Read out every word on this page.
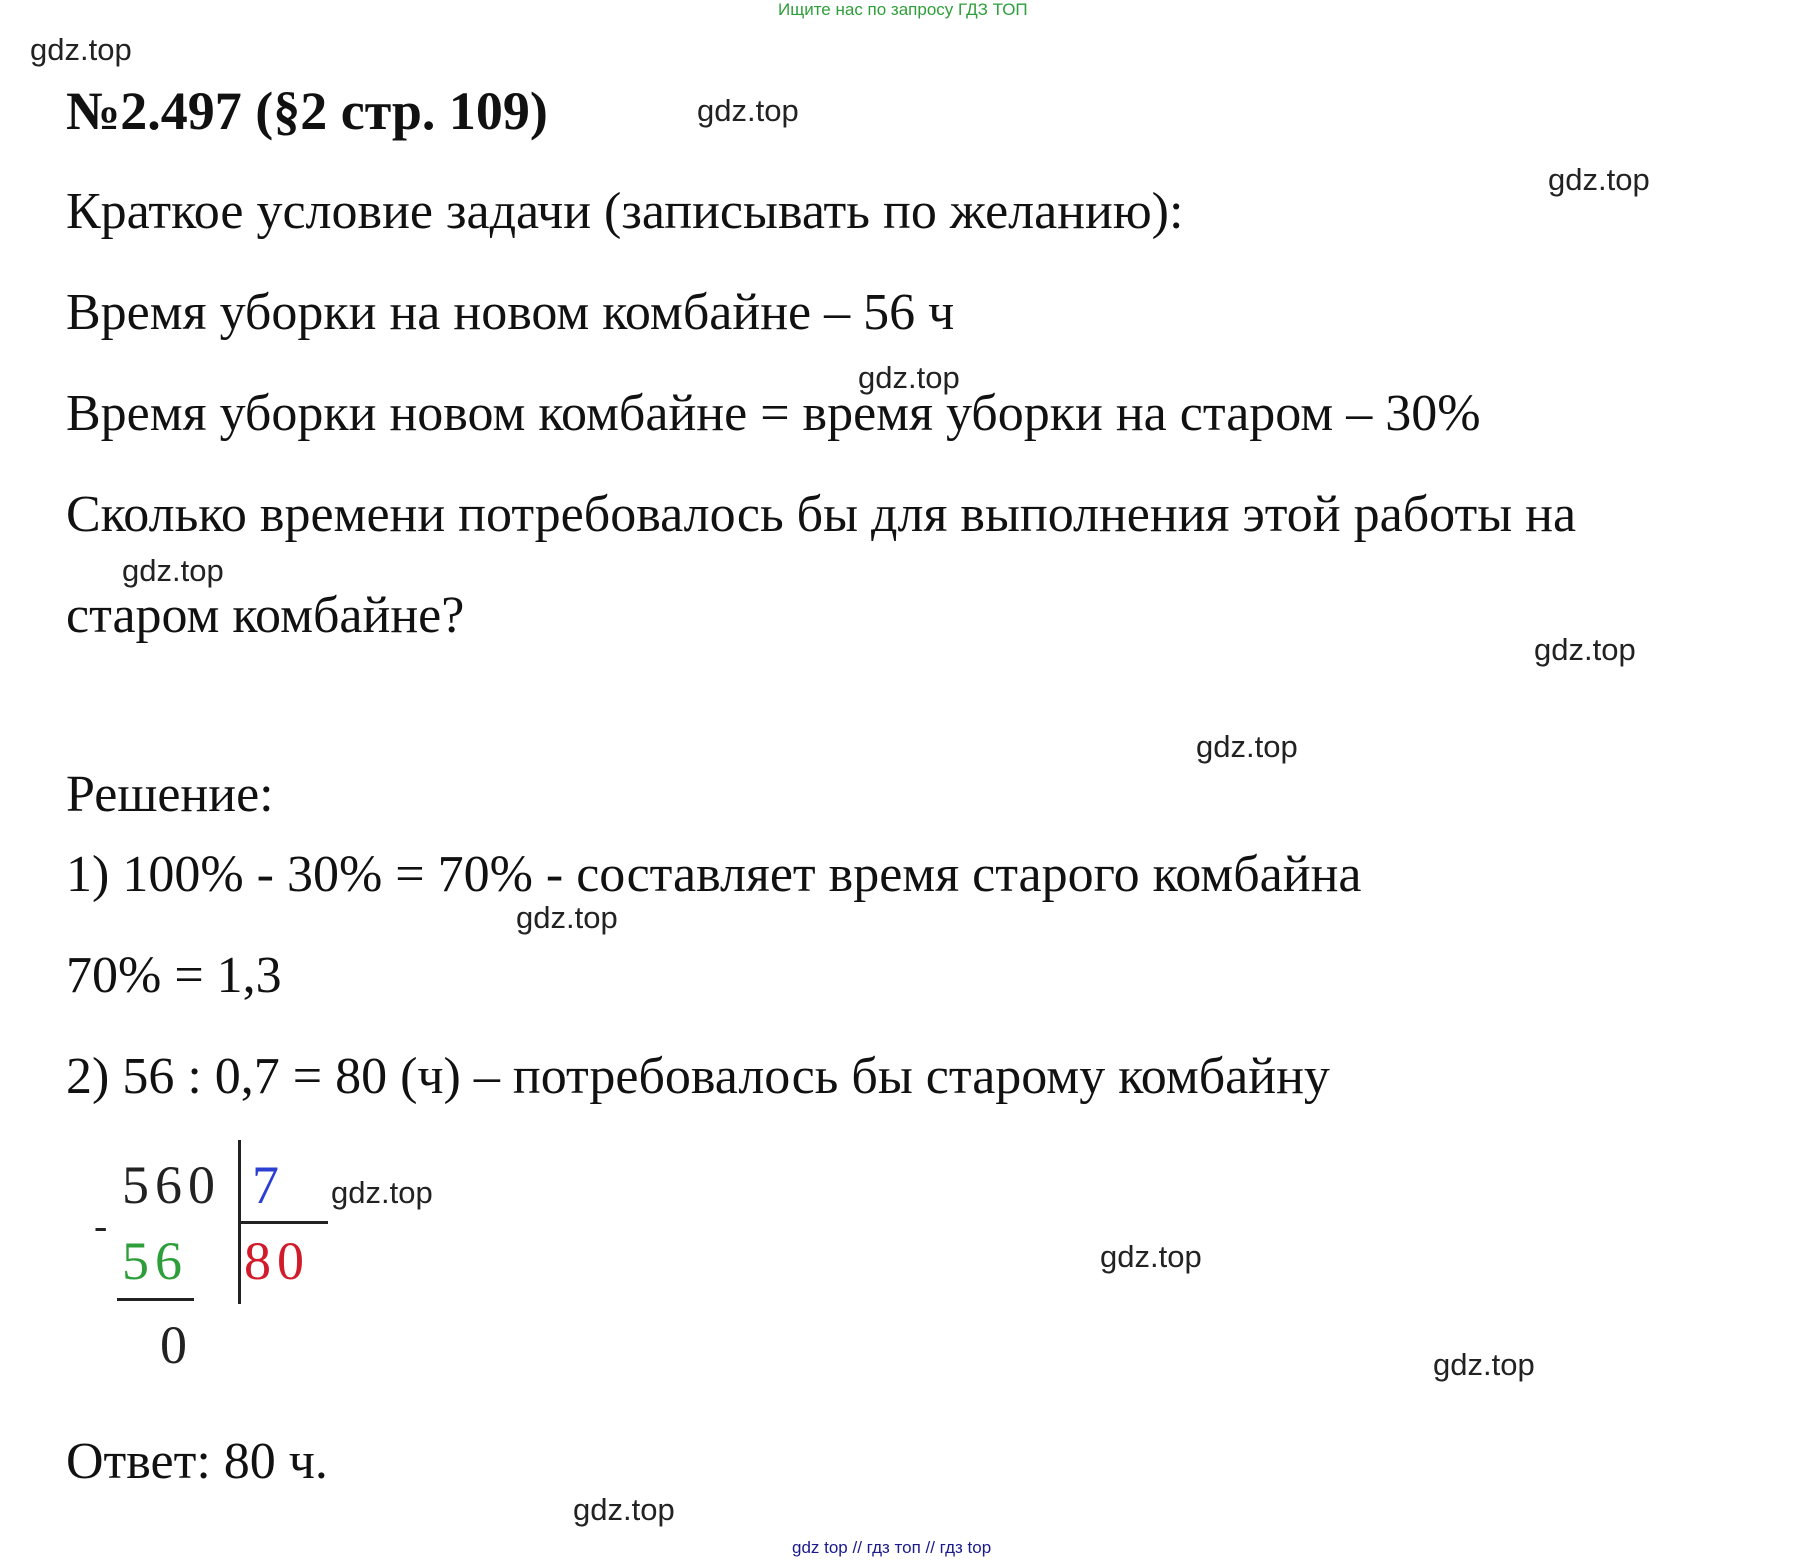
Ищите нас по запросу ГДЗ ТОП
gdz.top
gdz.top
gdz.top
gdz.top
gdz.top
gdz.top
gdz.top
gdz.top
gdz.top
gdz.top
gdz.top
gdz.top
№2.497 (§2 стр. 109)
Краткое условие задачи (записывать по желанию):
Время уборки на новом комбайне – 56 ч
Время уборки новом комбайне = время уборки на старом – 30%
Сколько времени потребовалось бы для выполнения этой работы на
старом комбайне?
Решение:
1) 100% - 30% = 70% - составляет время старого комбайна
70% = 1,3
2) 56 : 0,7 = 80 (ч) – потребовалось бы старому комбайну
560 7
-
56 80
0
Ответ: 80 ч.
gdz top // гдз топ // гдз top
